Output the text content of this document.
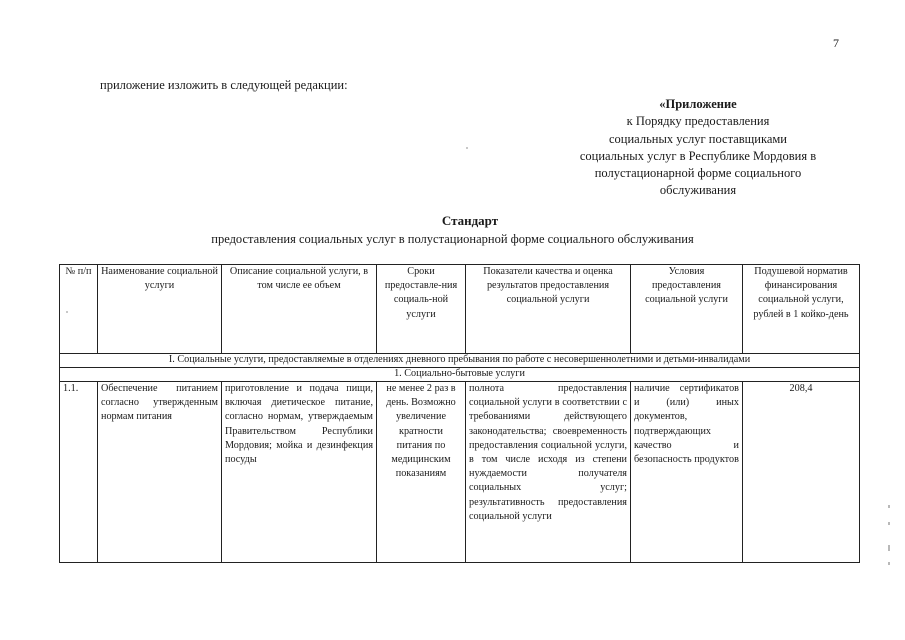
7
приложение изложить в следующей редакции:
«Приложение
к Порядку предоставления
социальных услуг поставщиками
социальных услуг в Республике Мордовия в
полустационарной форме социального
обслуживания
Стандарт
предоставления социальных услуг в полустационарной форме социального обслуживания
№ п/п	Наименование социальной услуги	Описание социальной услуги, в том числе ее объем	Сроки предоставле-ния социаль-ной услуги	Показатели качества и оценка результатов предоставления социальной услуги	Условия предоставления социальной услуги	Подушевой норматив финансирования социальной услуги, рублей в 1 койко-день
I. Социальные услуги, предоставляемые в отделениях дневного пребывания по работе с несовершеннолетними и детьми-инвалидами						
1. Социально-бытовые услуги						
1.1.	Обеспечение питанием согласно утвержденным нормам питания	приготовление и подача пищи, включая диетическое питание, согласно нормам, утверждаемым Правительством Республики Мордовия; мойка и дезинфекция посуды	не менее 2 раз в день. Возможно увеличение кратности питания по медицинским показаниям	полнота предоставления социальной услуги в соответствии с требованиями действующего законодательства; своевременность предоставления социальной услуги, в том числе исходя из степени нуждаемости получателя социальных услуг; результативность предоставления социальной услуги	наличие сертификатов и (или) иных документов, подтверждающих качество и безопасность продуктов	208,4
